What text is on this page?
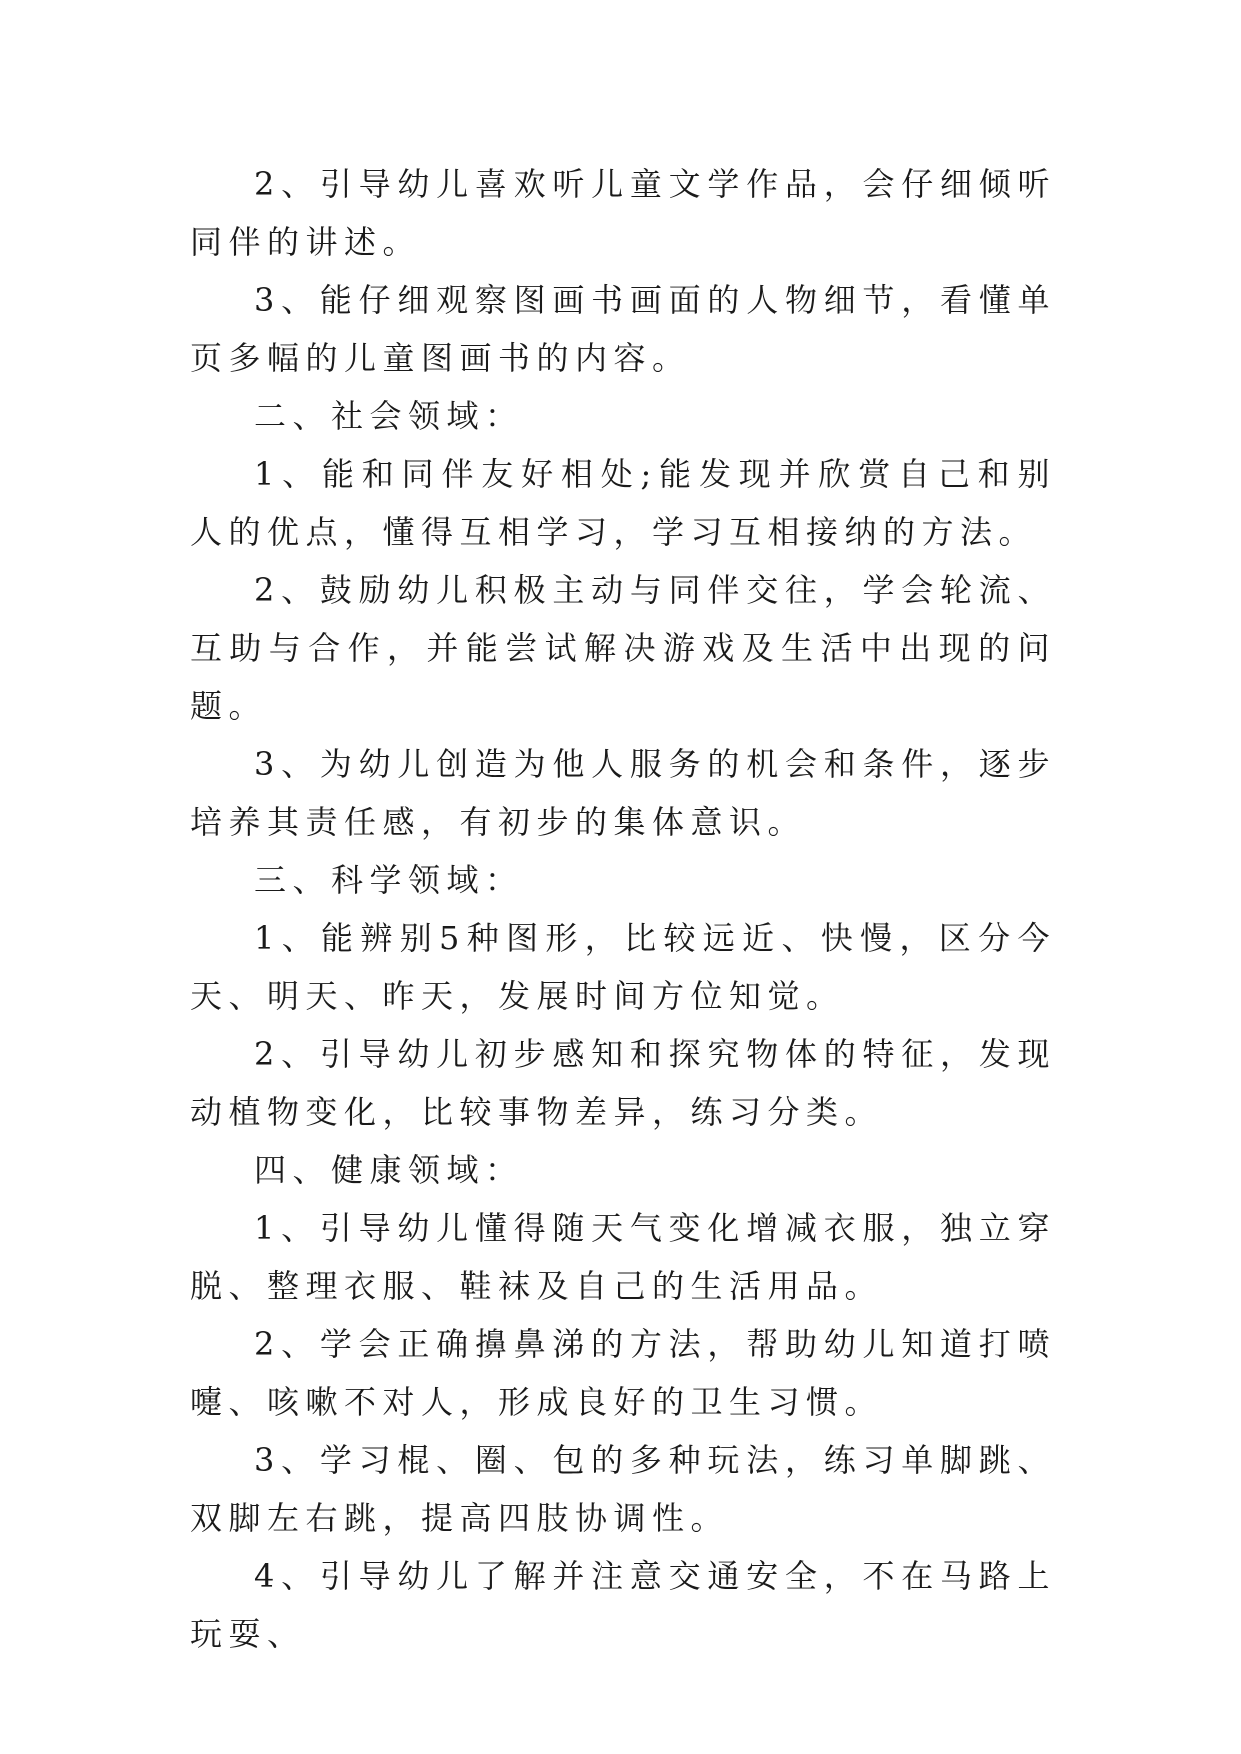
2、引导幼儿喜欢听儿童文学作品，会仔细倾听同伴的讲述。

3、能仔细观察图画书画面的人物细节，看懂单页多幅的儿童图画书的内容。

二、社会领域：

1、能和同伴友好相处;能发现并欣赏自己和别人的优点，懂得互相学习，学习互相接纳的方法。

2、鼓励幼儿积极主动与同伴交往，学会轮流、互助与合作，并能尝试解决游戏及生活中出现的问题。

3、为幼儿创造为他人服务的机会和条件，逐步培养其责任感，有初步的集体意识。

三、科学领域：

1、能辨别5种图形，比较远近、快慢，区分今天、明天、昨天，发展时间方位知觉。

2、引导幼儿初步感知和探究物体的特征，发现动植物变化，比较事物差异，练习分类。

四、健康领域：

1、引导幼儿懂得随天气变化增减衣服，独立穿脱、整理衣服、鞋袜及自己的生活用品。

2、学会正确擤鼻涕的方法，帮助幼儿知道打喷嚏、咳嗽不对人，形成良好的卫生习惯。

3、学习棍、圈、包的多种玩法，练习单脚跳、双脚左右跳，提高四肢协调性。

4、引导幼儿了解并注意交通安全，不在马路上玩耍、
